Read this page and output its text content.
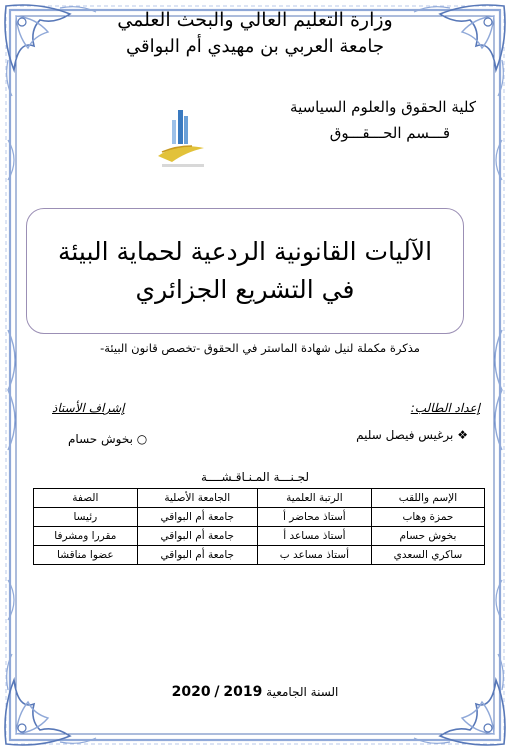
وزارة التعليم العالي والبحث العلمي
جامعة العربي بن مهيدي أم البواقي
كلية الحقوق والعلوم السياسية
قـــسم الحـــقـــوق
الآليات القانونية الردعية لحماية البيئة
في التشريع الجزائري
مذكرة مكملة لنيل شهادة الماستر في الحقوق -تخصص قانون البيئة-
إعداد الطالب:
❖ برغيس فيصل سليم
إشراف الأستاذ
○ بخوش حسام
لجـنـــة المـنـاقـشــــة
الإسم واللقب	الرتبة العلمية	الجامعة الأصلية	الصفة
حمزة وهاب	أستاذ محاضر أ	جامعة أم البواقي	رئيسا
بخوش حسام	أستاذ مساعد أ	جامعة أم البواقي	مقررا ومشرفا
ساكري السعدي	أستاذ مساعد ب	جامعة أم البواقي	عضوا مناقشا
السنة الجامعية 2019 / 2020
